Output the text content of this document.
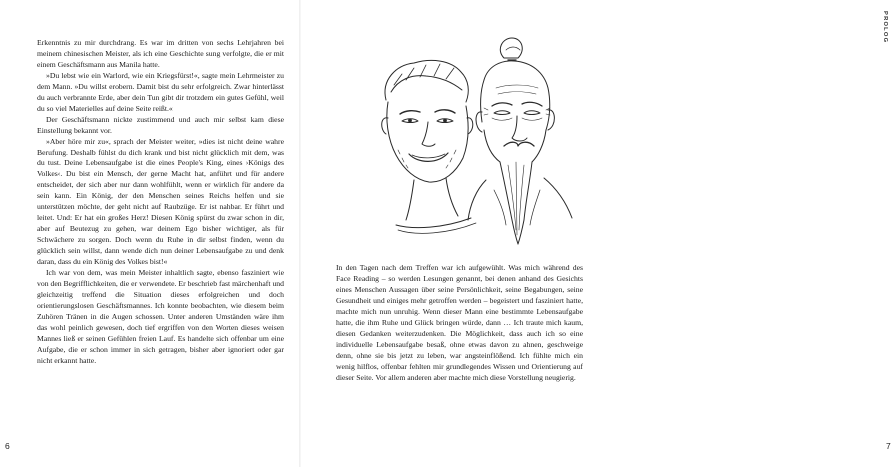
Erkenntnis zu mir durchdrang. Es war im dritten von sechs Lehrjahren bei meinem chinesischen Meister, als ich eine Geschichte sung verfolgte, die er mit einem Geschäftsmann aus Manila hatte.

»Du lebst wie ein Warlord, wie ein Kriegsfürst!«, sagte mein Lehrmeister zu dem Mann. »Du willst erobern. Damit bist du sehr erfolgreich. Zwar hinterlässt du auch verbrannte Erde, aber dein Tun gibt dir trotzdem ein gutes Gefühl, weil du so viel Materielles auf deine Seite reißt.«

Der Geschäftsmann nickte zustimmend und auch mir selbst kam diese Einstellung bekannt vor.

»Aber höre mir zu«, sprach der Meister weiter, »dies ist nicht deine wahre Berufung. Deshalb fühlst du dich krank und bist nicht glücklich mit dem, was du tust. Deine Lebensaufgabe ist die eines People's King, eines ›Königs des Volkes‹. Du bist ein Mensch, der gerne Macht hat, anführt und für andere entscheidet, der sich aber nur dann wohlfühlt, wenn er wirklich für andere da sein kann. Ein König, der den Menschen seines Reichs helfen und sie unterstützen möchte, der geht nicht auf Raubzüge. Er ist nahbar. Er führt und leitet. Und: Er hat ein großes Herz! Diesen König spürst du zwar schon in dir, aber auf Beutezug zu gehen, war deinem Ego bisher wichtiger, als für Schwächere zu sorgen. Doch wenn du Ruhe in dir selbst finden, wenn du glücklich sein willst, dann wende dich nun deiner Lebensaufgabe zu und denk daran, dass du ein König des Volkes bist!«

Ich war von dem, was mein Meister inhaltlich sagte, ebenso fasziniert wie von den Begrifflichkeiten, die er verwendete. Er beschrieb fast märchenhaft und gleichzeitig treffend die Situation dieses erfolgreichen und doch orientierungslosen Geschäftsmannes. Ich konnte beobachten, wie diesem beim Zuhören Tränen in die Augen schossen. Unter anderen Umständen wäre ihm das wohl peinlich gewesen, doch tief ergriffen von den Worten dieses weisen Mannes ließ er seinen Gefühlen freien Lauf. Es handelte sich offenbar um eine Aufgabe, die er schon immer in sich getragen, bisher aber ignoriert oder gar nicht erkannt hatte.

6
PROLOG
7

In den Tagen nach dem Treffen war ich aufgewühlt. Was mich während des Face Reading – so werden Lesungen genannt, bei denen anhand des Gesichts eines Menschen Aussagen über seine Persönlichkeit, seine Begabungen, seine Gesundheit und einiges mehr getroffen werden – begeistert und fasziniert hatte, machte mich nun unruhig. Wenn dieser Mann eine bestimmte Lebensaufgabe hatte, die ihm Ruhe und Glück bringen würde, dann … Ich traute mich kaum, diesen Gedanken weiterzudenken. Die Möglichkeit, dass auch ich so eine individuelle Lebensaufgabe besaß, ohne etwas davon zu ahnen, geschweige denn, ohne sie bis jetzt zu leben, war angsteinflößend. Ich fühlte mich ein wenig hilflos, offenbar fehlten mir grundlegendes Wissen und Orientierung auf dieser Seite. Vor allem anderen aber machte mich diese Vorstellung neugierig.
